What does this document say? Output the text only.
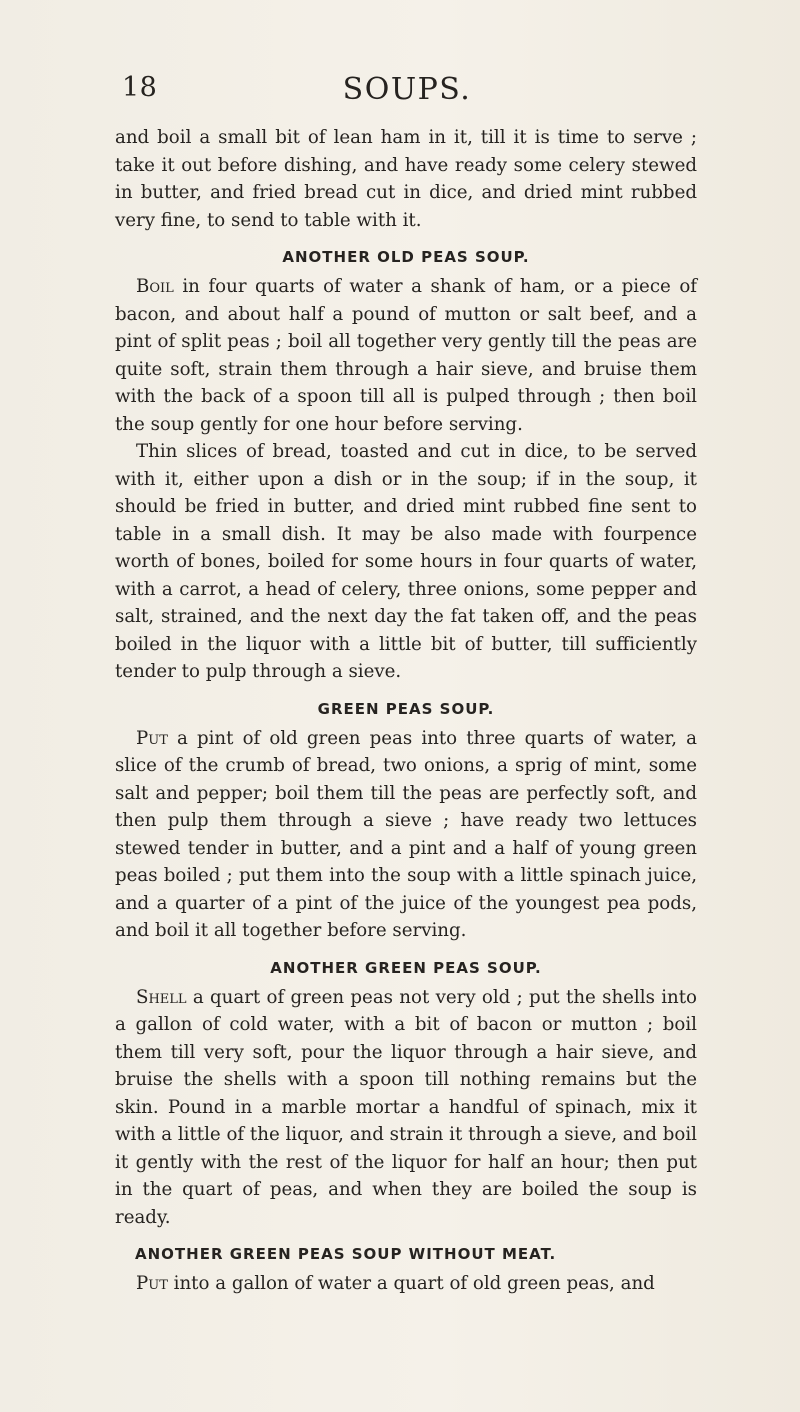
18	SOUPS.

and boil a small bit of lean ham in it, till it is time to serve ; take it out before dishing, and have ready some celery stewed in butter, and fried bread cut in dice, and dried mint rubbed very fine, to send to table with it.

ANOTHER OLD PEAS SOUP.

Boil in four quarts of water a shank of ham, or a piece of bacon, and about half a pound of mutton or salt beef, and a pint of split peas ; boil all together very gently till the peas are quite soft, strain them through a hair sieve, and bruise them with the back of a spoon till all is pulped through ; then boil the soup gently for one hour before serving.

Thin slices of bread, toasted and cut in dice, to be served with it, either upon a dish or in the soup; if in the soup, it should be fried in butter, and dried mint rubbed fine sent to table in a small dish. It may be also made with fourpence worth of bones, boiled for some hours in four quarts of water, with a carrot, a head of celery, three onions, some pepper and salt, strained, and the next day the fat taken off, and the peas boiled in the liquor with a little bit of butter, till sufficiently tender to pulp through a sieve.

GREEN PEAS SOUP.

Put a pint of old green peas into three quarts of water, a slice of the crumb of bread, two onions, a sprig of mint, some salt and pepper; boil them till the peas are perfectly soft, and then pulp them through a sieve ; have ready two lettuces stewed tender in butter, and a pint and a half of young green peas boiled ; put them into the soup with a little spinach juice, and a quarter of a pint of the juice of the youngest pea pods, and boil it all together before serving.

ANOTHER GREEN PEAS SOUP.

Shell a quart of green peas not very old ; put the shells into a gallon of cold water, with a bit of bacon or mutton ; boil them till very soft, pour the liquor through a hair sieve, and bruise the shells with a spoon till nothing remains but the skin. Pound in a marble mortar a handful of spinach, mix it with a little of the liquor, and strain it through a sieve, and boil it gently with the rest of the liquor for half an hour; then put in the quart of peas, and when they are boiled the soup is ready.

ANOTHER GREEN PEAS SOUP WITHOUT MEAT.

Put into a gallon of water a quart of old green peas, and
